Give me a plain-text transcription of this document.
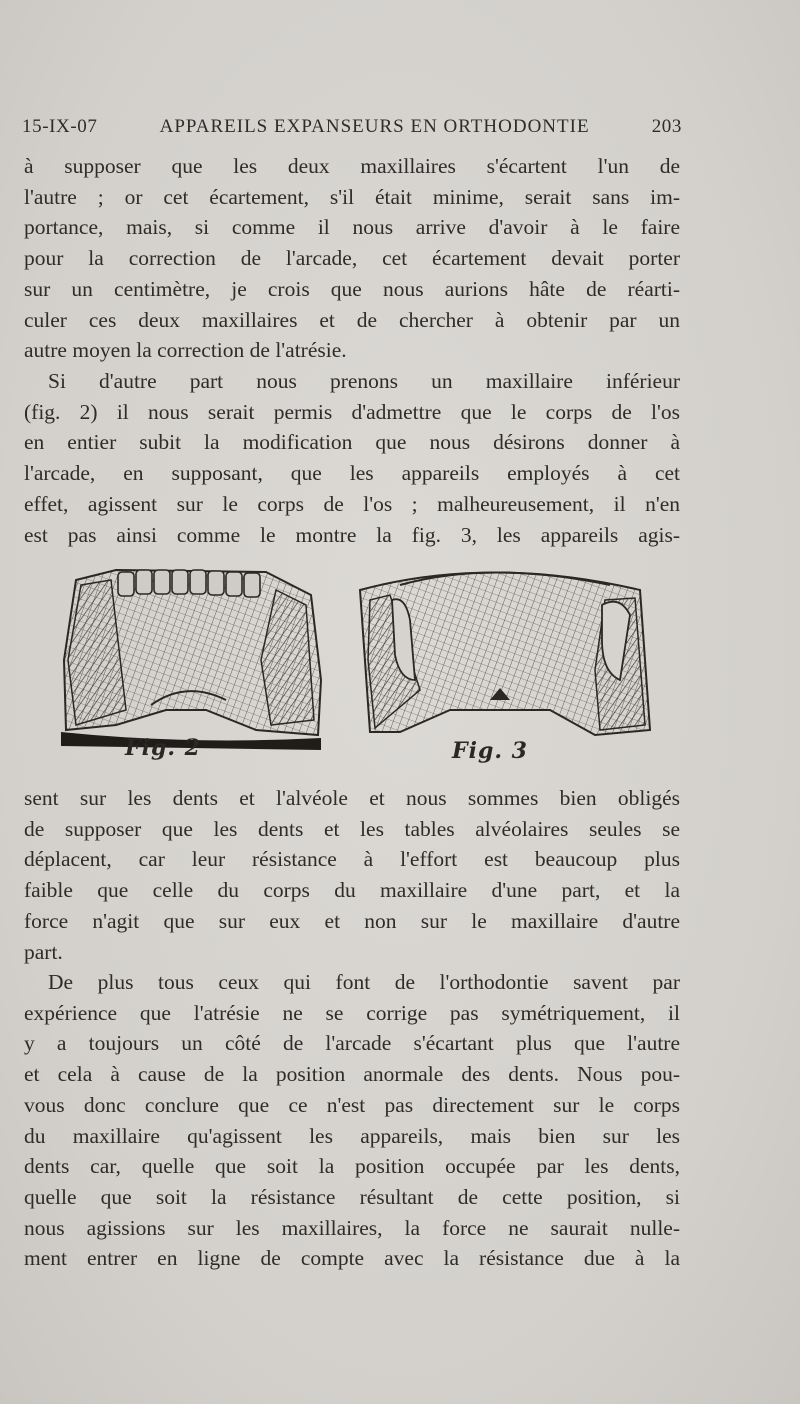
15-IX-07	APPAREILS EXPANSEURS EN ORTHODONTIE	203
à supposer que les deux maxillaires s'écartent l'un de
l'autre ; or cet écartement, s'il était minime, serait sans im-
portance, mais, si comme il nous arrive d'avoir à le faire
pour la correction de l'arcade, cet écartement devait porter
sur un centimètre, je crois que nous aurions hâte de réarti-
culer ces deux maxillaires et de chercher à obtenir par un
autre moyen la correction de l'atrésie.
Si d'autre part nous prenons un maxillaire inférieur
(fig. 2) il nous serait permis d'admettre que le corps de l'os
en entier subit la modification que nous désirons donner à
l'arcade, en supposant, que les appareils employés à cet
effet, agissent sur le corps de l'os ; malheureusement, il n'en
est pas ainsi comme le montre la fig. 3, les appareils agis-
Fig. 2	Fig. 3
sent sur les dents et l'alvéole et nous sommes bien obligés
de supposer que les dents et les tables alvéolaires seules se
déplacent, car leur résistance à l'effort est beaucoup plus
faible que celle du corps du maxillaire d'une part, et la
force n'agit que sur eux et non sur le maxillaire d'autre
part.
De plus tous ceux qui font de l'orthodontie savent par
expérience que l'atrésie ne se corrige pas symétriquement, il
y a toujours un côté de l'arcade s'écartant plus que l'autre
et cela à cause de la position anormale des dents. Nous pou-
vous donc conclure que ce n'est pas directement sur le corps
du maxillaire qu'agissent les appareils, mais bien sur les
dents car, quelle que soit la position occupée par les dents,
quelle que soit la résistance résultant de cette position, si
nous agissions sur les maxillaires, la force ne saurait nulle-
ment entrer en ligne de compte avec la résistance due à la
